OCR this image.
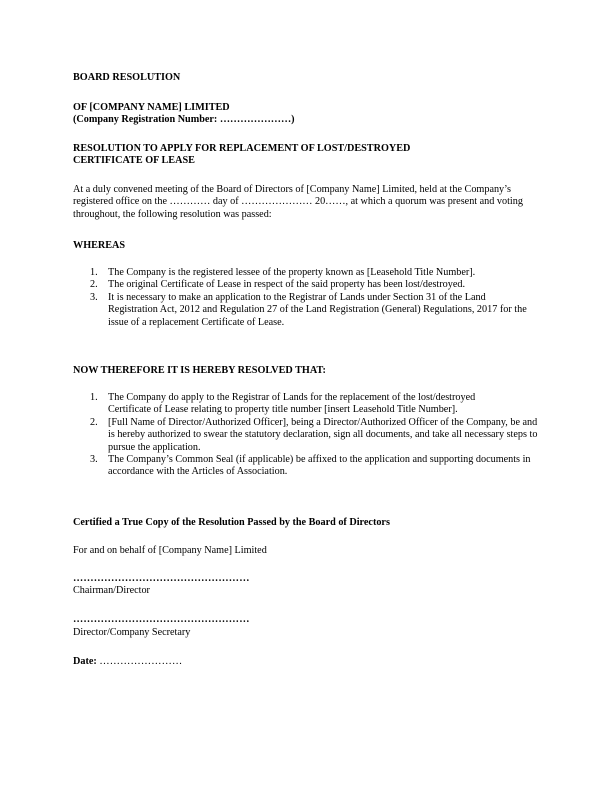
BOARD RESOLUTION
OF [COMPANY NAME] LIMITED
(Company Registration Number: …………………)
RESOLUTION TO APPLY FOR REPLACEMENT OF LOST/DESTROYED
CERTIFICATE OF LEASE
At a duly convened meeting of the Board of Directors of [Company Name] Limited, held at the Company’s registered office on the ………… day of ………………… 20……, at which a quorum was present and voting throughout, the following resolution was passed:
WHEREAS
1. The Company is the registered lessee of the property known as [Leasehold Title Number].
2. The original Certificate of Lease in respect of the said property has been lost/destroyed.
3. It is necessary to make an application to the Registrar of Lands under Section 31 of the Land Registration Act, 2012 and Regulation 27 of the Land Registration (General) Regulations, 2017 for the issue of a replacement Certificate of Lease.
NOW THEREFORE IT IS HEREBY RESOLVED THAT:
1. The Company do apply to the Registrar of Lands for the replacement of the lost/destroyed Certificate of Lease relating to property title number [insert Leasehold Title Number].
2. [Full Name of Director/Authorized Officer], being a Director/Authorized Officer of the Company, be and is hereby authorized to swear the statutory declaration, sign all documents, and take all necessary steps to pursue the application.
3. The Company’s Common Seal (if applicable) be affixed to the application and supporting documents in accordance with the Articles of Association.
Certified a True Copy of the Resolution Passed by the Board of Directors
For and on behalf of [Company Name] Limited
……………………………………………
Chairman/Director
……………………………………………
Director/Company Secretary
Date: ……………………
